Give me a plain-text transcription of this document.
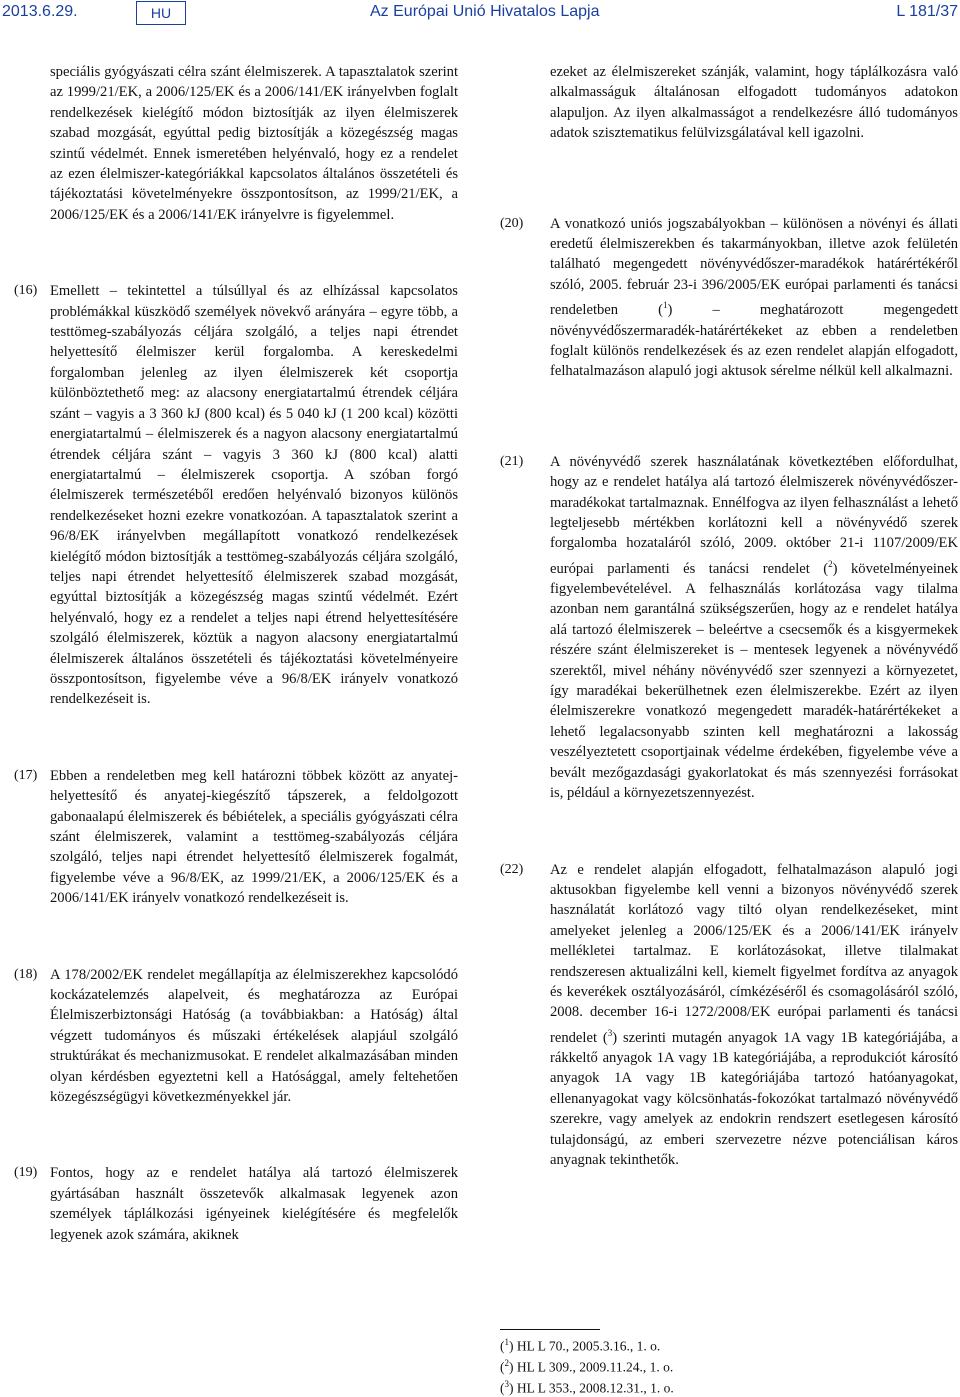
2013.6.29.	HU	Az Európai Unió Hivatalos Lapja	L 181/37

speciális gyógyászati célra szánt élelmiszerek. A tapasztalatok szerint az 1999/21/EK, a 2006/125/EK és a 2006/141/EK irányelvben foglalt rendelkezések kielégítő módon biztosítják az ilyen élelmiszerek szabad mozgását, egyúttal pedig biztosítják a közegészség magas szintű védelmét. Ennek ismeretében helyénvaló, hogy ez a rendelet az ezen élelmiszer-kategóriákkal kapcsolatos általános összetételi és tájékoztatási követelményekre összpontosítson, az 1999/21/EK, a 2006/125/EK és a 2006/141/EK irányelvre is figyelemmel.

(16) Emellett – tekintettel a túlsúllyal és az elhízással kapcsolatos problémákkal küszködő személyek növekvő arányára – egyre több, a testtömeg-szabályozás céljára szolgáló, a teljes napi étrendet helyettesítő élelmiszer kerül forgalomba. A kereskedelmi forgalomban jelenleg az ilyen élelmiszerek két csoportja különböztethető meg: az alacsony energiatartalmú étrendek céljára szánt – vagyis a 3 360 kJ (800 kcal) és 5 040 kJ (1 200 kcal) közötti energiatartalmú – élelmiszerek és a nagyon alacsony energiatartalmú étrendek céljára szánt – vagyis 3 360 kJ (800 kcal) alatti energiatartalmú – élelmiszerek csoportja. A szóban forgó élelmiszerek természetéből eredően helyénvaló bizonyos különös rendelkezéseket hozni ezekre vonatkozóan. A tapasztalatok szerint a 96/8/EK irányelvben megállapított vonatkozó rendelkezések kielégítő módon biztosítják a testtömeg-szabályozás céljára szolgáló, teljes napi étrendet helyettesítő élelmiszerek szabad mozgását, egyúttal biztosítják a közegészség magas szintű védelmét. Ezért helyénvaló, hogy ez a rendelet a teljes napi étrend helyettesítésére szolgáló élelmiszerek, köztük a nagyon alacsony energiatartalmú élelmiszerek általános összetételi és tájékoztatási követelményeire összpontosítson, figyelembe véve a 96/8/EK irányelv vonatkozó rendelkezéseit is.

(17) Ebben a rendeletben meg kell határozni többek között az anyatej-helyettesítő és anyatej-kiegészítő tápszerek, a feldolgozott gabonaalapú élelmiszerek és bébiételek, a speciális gyógyászati célra szánt élelmiszerek, valamint a testtömeg-szabályozás céljára szolgáló, teljes napi étrendet helyettesítő élelmiszerek fogalmát, figyelembe véve a 96/8/EK, az 1999/21/EK, a 2006/125/EK és a 2006/141/EK irányelv vonatkozó rendelkezéseit is.

(18) A 178/2002/EK rendelet megállapítja az élelmiszerekhez kapcsolódó kockázatelemzés alapelveit, és meghatározza az Európai Élelmiszerbiztonsági Hatóság (a továbbiakban: a Hatóság) által végzett tudományos és műszaki értékelések alapjául szolgáló struktúrákat és mechanizmusokat. E rendelet alkalmazásában minden olyan kérdésben egyeztetni kell a Hatósággal, amely feltehetően közegészségügyi következményekkel jár.

(19) Fontos, hogy az e rendelet hatálya alá tartozó élelmiszerek gyártásában használt összetevők alkalmasak legyenek azon személyek táplálkozási igényeinek kielégítésére és megfelelők legyenek azok számára, akiknek

ezeket az élelmiszereket szánják, valamint, hogy táplálkozásra való alkalmasságuk általánosan elfogadott tudományos adatokon alapuljon. Az ilyen alkalmasságot a rendelkezésre álló tudományos adatok szisztematikus felülvizsgálatával kell igazolni.

(20)	A vonatkozó uniós jogszabályokban – különösen a növényi és állati eredetű élelmiszerekben és takarmányokban, illetve azok felületén található megengedett növényvédőszer-maradékok határértékéről szóló, 2005. február 23-i 396/2005/EK európai parlamenti és tanácsi rendeletben ($^1$) – meghatározott megengedett növényvédőszermaradék-határértékeket az ebben a rendeletben foglalt különös rendelkezések és az ezen rendelet alapján elfogadott, felhatalmazáson alapuló jogi aktusok sérelme nélkül kell alkalmazni.

(21)	A növényvédő szerek használatának következtében előfordulhat, hogy az e rendelet hatálya alá tartozó élelmiszerek növényvédőszer-maradékokat tartalmaznak. Ennélfogva az ilyen felhasználást a lehető legteljesebb mértékben korlátozni kell a növényvédő szerek forgalomba hozataláról szóló, 2009. október 21-i 1107/2009/EK európai parlamenti és tanácsi rendelet ($^2$) követelményeinek figyelembevételével. A felhasználás korlátozása vagy tilalma azonban nem garantálná szükségszerűen, hogy az e rendelet hatálya alá tartozó élelmiszerek – beleértve a csecsemők és a kisgyermekek részére szánt élelmiszereket is – mentesek legyenek a növényvédő szerektől, mivel néhány növényvédő szer szennyezi a környezetet, így maradékai bekerülhetnek ezen élelmiszerekbe. Ezért az ilyen élelmiszerekre vonatkozó megengedett maradék-határértékeket a lehető legalacsonyabb szinten kell meghatározni a lakosság veszélyeztetett csoportjainak védelme érdekében, figyelembe véve a bevált mezőgazdasági gyakorlatokat és más szennyezési forrásokat is, például a környezetszennyezést.

(22)	Az e rendelet alapján elfogadott, felhatalmazáson alapuló jogi aktusokban figyelembe kell venni a bizonyos növényvédő szerek használatát korlátozó vagy tiltó olyan rendelkezéseket, mint amelyeket jelenleg a 2006/125/EK és a 2006/141/EK irányelv mellékletei tartalmaz. E korlátozásokat, illetve tilalmakat rendszeresen aktualizálni kell, kiemelt figyelmet fordítva az anyagok és keverékek osztályozásáról, címkézéséről és csomagolásáról szóló, 2008. december 16-i 1272/2008/EK európai parlamenti és tanácsi rendelet ($^3$) szerinti mutagén anyagok 1A vagy 1B kategóriájába, a rákkeltő anyagok 1A vagy 1B kategóriájába, a reprodukciót károsító anyagok 1A vagy 1B kategóriájába tartozó hatóanyagokat, ellenanyagokat vagy kölcsönhatás-fokozókat tartalmazó növényvédő szerekre, vagy amelyek az endokrin rendszert esetlegesen károsító tulajdonságú, az emberi szervezetre nézve potenciálisan káros anyagnak tekinthetők.

($^1$) HL L 70., 2005.3.16., 1. o.
($^2$) HL L 309., 2009.11.24., 1. o.
($^3$) HL L 353., 2008.12.31., 1. o.
